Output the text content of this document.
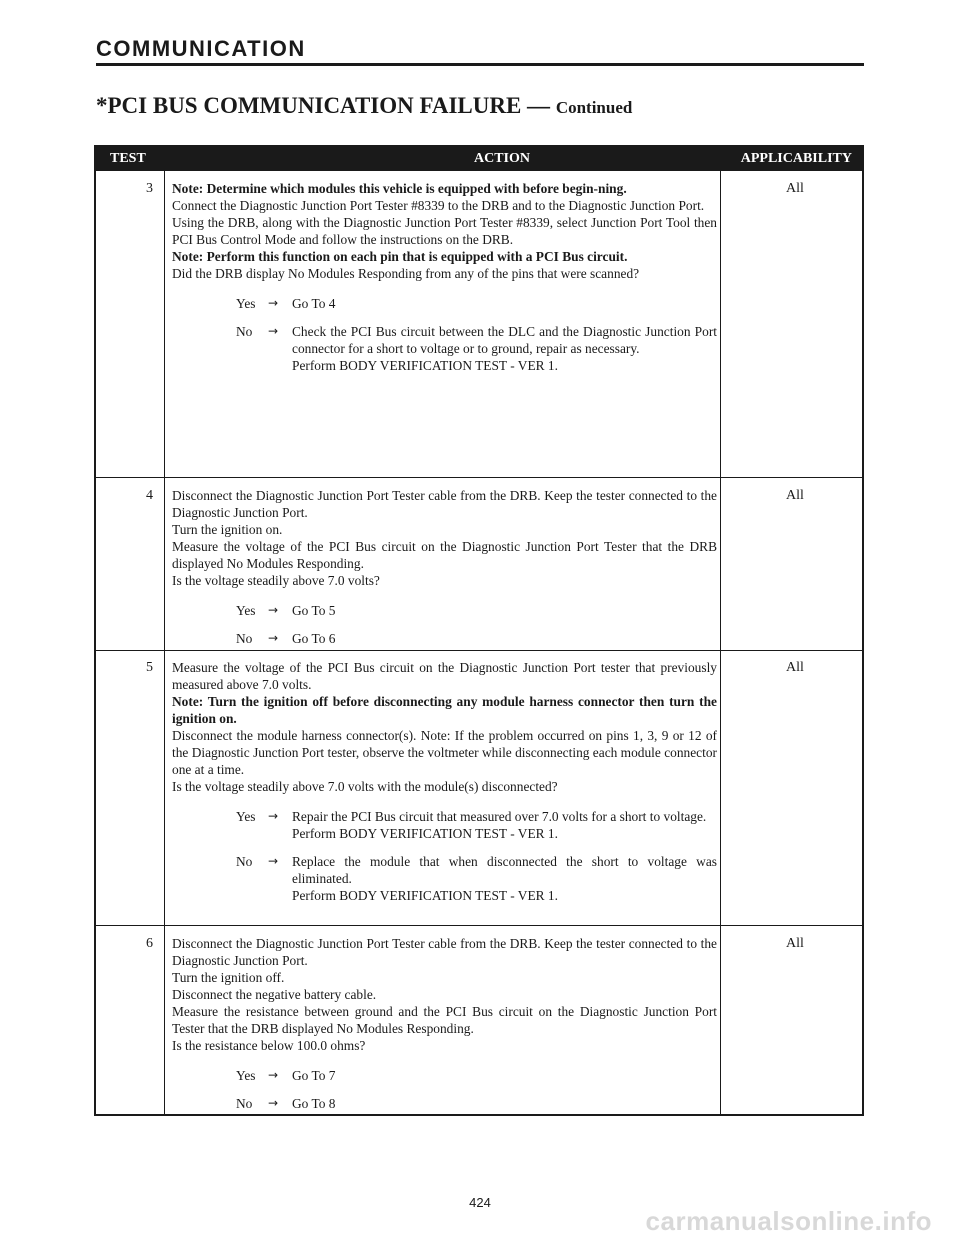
COMMUNICATION
*PCI BUS COMMUNICATION FAILURE — Continued
TEST	ACTION	APPLICABILITY
3	Note: Determine which modules this vehicle is equipped with before begin-ning.

Connect the Diagnostic Junction Port Tester #8339 to the DRB and to the Diagnostic Junction Port.

Using the DRB, along with the Diagnostic Junction Port Tester #8339, select Junction Port Tool then PCI Bus Control Mode and follow the instructions on the DRB.

Note: Perform this function on each pin that is equipped with a PCI Bus circuit.

Did the DRB display No Modules Responding from any of the pins that were scanned?

Yes → Go To 4
No → Check the PCI Bus circuit between the DLC and the Diagnostic Junction Port connector for a short to voltage or to ground, repair as necessary.
Perform BODY VERIFICATION TEST - VER 1.
All
4	Disconnect the Diagnostic Junction Port Tester cable from the DRB. Keep the tester connected to the Diagnostic Junction Port.

Turn the ignition on.

Measure the voltage of the PCI Bus circuit on the Diagnostic Junction Port Tester that the DRB displayed No Modules Responding.

Is the voltage steadily above 7.0 volts?

Yes → Go To 5
No → Go To 6
All
5	Measure the voltage of the PCI Bus circuit on the Diagnostic Junction Port tester that previously measured above 7.0 volts.

Note: Turn the ignition off before disconnecting any module harness connector then turn the ignition on.

Disconnect the module harness connector(s). Note: If the problem occurred on pins 1, 3, 9 or 12 of the Diagnostic Junction Port tester, observe the voltmeter while disconnecting each module connector one at a time.

Is the voltage steadily above 7.0 volts with the module(s) disconnected?

Yes → Repair the PCI Bus circuit that measured over 7.0 volts for a short to voltage.
Perform BODY VERIFICATION TEST - VER 1.
No → Replace the module that when disconnected the short to voltage was eliminated.
Perform BODY VERIFICATION TEST - VER 1.
All
6	Disconnect the Diagnostic Junction Port Tester cable from the DRB. Keep the tester connected to the Diagnostic Junction Port.

Turn the ignition off.

Disconnect the negative battery cable.

Measure the resistance between ground and the PCI Bus circuit on the Diagnostic Junction Port Tester that the DRB displayed No Modules Responding.

Is the resistance below 100.0 ohms?

Yes → Go To 7
No → Go To 8
All
424
carmanualsonline.info
